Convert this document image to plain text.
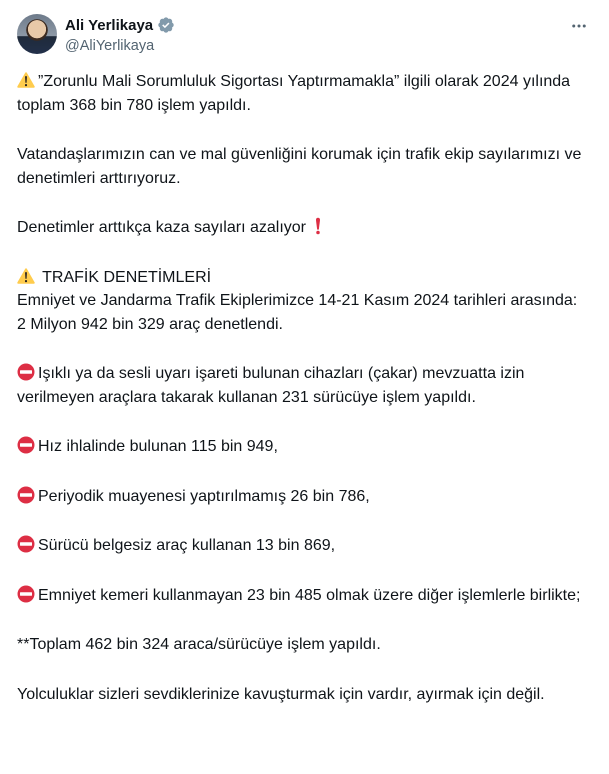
Ali Yerlikaya
@AliYerlikaya
”Zorunlu Mali Sorumluluk Sigortası Yaptırmamakla” ilgili olarak 2024 yılında toplam 368 bin 780 işlem yapıldı.
Vatandaşlarımızın can ve mal güvenliğini korumak için trafik ekip sayılarımızı ve denetimleri arttırıyoruz.
Denetimler arttıkça kaza sayıları azalıyor
TRAFİK DENETİMLERİ
Emniyet ve Jandarma Trafik Ekiplerimizce 14-21 Kasım 2024 tarihleri arasında:
2 Milyon 942 bin 329 araç denetlendi.
Işıklı ya da sesli uyarı işareti bulunan cihazları (çakar) mevzuatta izin verilmeyen araçlara takarak kullanan 231 sürücüye işlem yapıldı.
Hız ihlalinde bulunan 115 bin 949,
Periyodik muayenesi yaptırılmamış 26 bin 786,
Sürücü belgesiz araç kullanan 13 bin 869,
Emniyet kemeri kullanmayan 23 bin 485 olmak üzere diğer işlemlerle birlikte;
**Toplam 462 bin 324 araca/sürücüye işlem yapıldı.
Yolculuklar sizleri sevdiklerinize kavuşturmak için vardır, ayırmak için değil.
